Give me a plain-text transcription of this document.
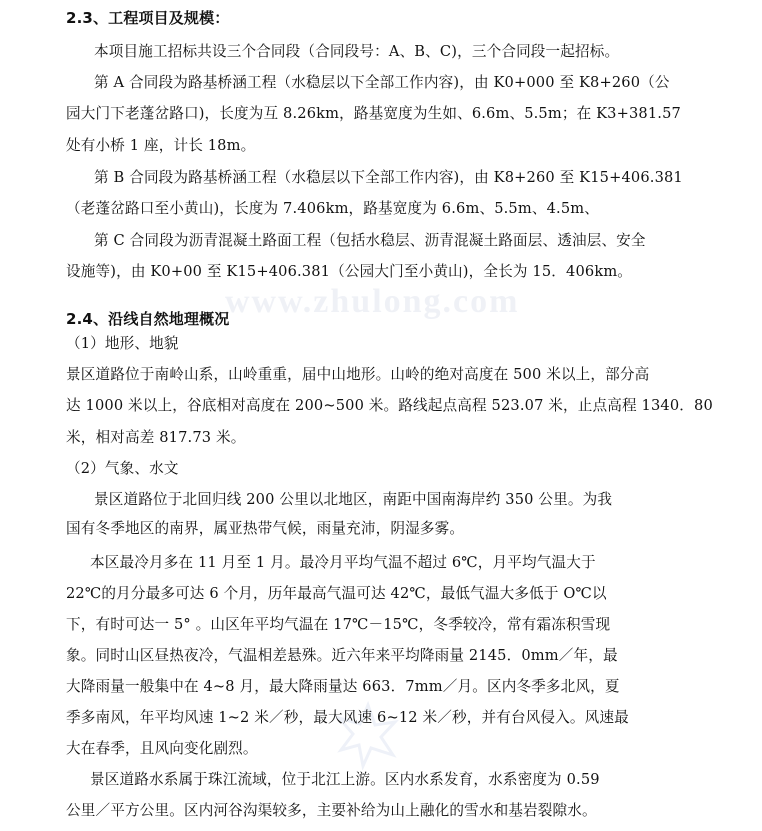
www.zhulong.com
2.3、工程项目及规模：
本项目施工招标共设三个合同段（合同段号：A、B、C)，三个合同段一起招标。
第 A 合同段为路基桥涵工程（水稳层以下全部工作内容)，由 K0+000 至 K8+260（公
园大门下老蓬岔路口)，长度为互 8.26km，路基宽度为生如、6.6m、5.5m；在 K3+381.57
处有小桥 1 座，计长 18m。
第 B 合同段为路基桥涵工程（水稳层以下全部工作内容)，由 K8+260 至 K15+406.381
（老蓬岔路口至小黄山)，长度为 7.406km，路基宽度为 6.6m、5.5m、4.5m、
第 C 合同段为沥青混凝土路面工程（包括水稳层、沥青混凝土路面层、透油层、安全
设施等)，由 K0+00 至 K15+406.381（公园大门至小黄山)，全长为 15．406km。
2.4、沿线自然地理概况
（1）地形、地貌
景区道路位于南岭山系，山岭重重，届中山地形。山岭的绝对高度在 500 米以上，部分高
达 1000 米以上，谷底相对高度在 200~500 米。路线起点高程 523.07 米，止点高程 1340．80
米，相对高差 817.73 米。
（2）气象、水文
景区道路位于北回归线 200 公里以北地区，南距中国南海岸约 350 公里。为我
国有冬季地区的南界，属亚热带气候，雨量充沛，阴湿多雾。
本区最冷月多在 11 月至 1 月。最冷月平均气温不超过 6℃，月平均气温大于
22℃的月分最多可达 6 个月，历年最高气温可达 42℃，最低气温大多低于 O℃以
下，有时可达一 5° 。山区年平均气温在 17℃－15℃，冬季较冷，常有霜冻积雪现
象。同时山区昼热夜冷，气温相差悬殊。近六年来平均降雨量 2145．0mm／年，最
大降雨量一般集中在 4~8 月，最大降雨量达 663．7mm／月。区内冬季多北风，夏
季多南风，年平均风速 1~2 米／秒，最大风速 6~12 米／秒，并有台风侵入。风速最
大在春季，且风向变化剧烈。
景区道路水系属于珠江流域，位于北江上游。区内水系发育，水系密度为 0.59
公里／平方公里。区内河谷沟渠较多，主要补给为山上融化的雪水和基岩裂隙水。
